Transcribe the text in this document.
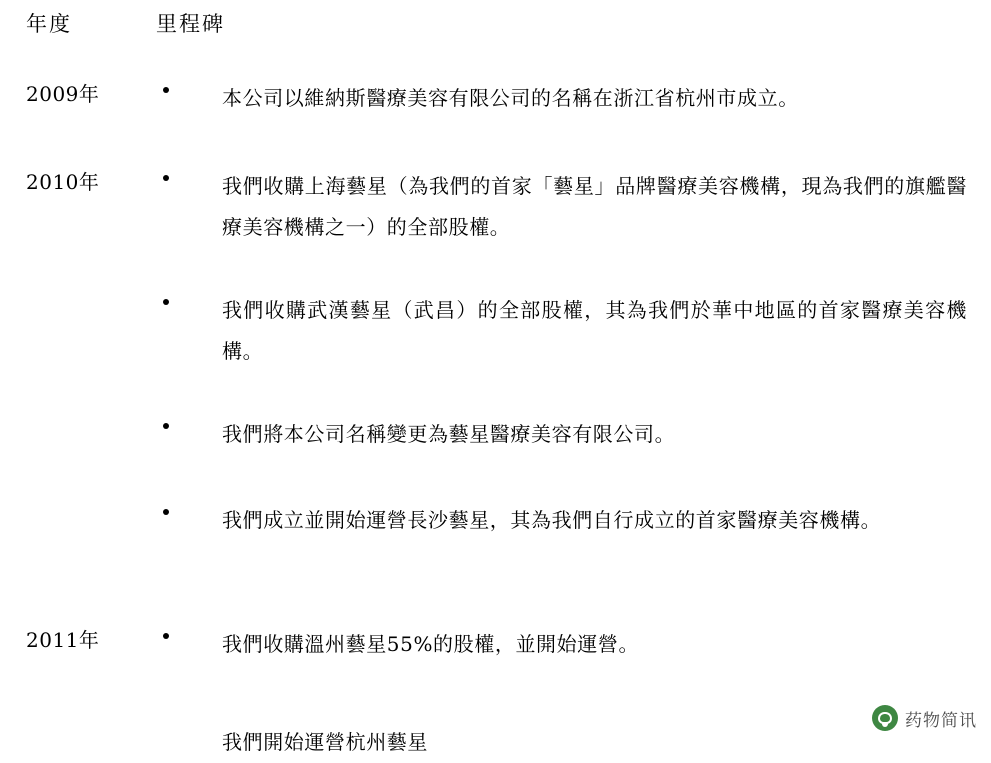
年度	里程碑
2009年	本公司以維納斯醫療美容有限公司的名稱在浙江省杭州市成立。
2010年	我們收購上海藝星（為我們的首家「藝星」品牌醫療美容機構，現為我們的旗艦醫療美容機構之一）的全部股權。
我們收購武漢藝星（武昌）的全部股權，其為我們於華中地區的首家醫療美容機構。
我們將本公司名稱變更為藝星醫療美容有限公司。
我們成立並開始運營長沙藝星，其為我們自行成立的首家醫療美容機構。
2011年	我們收購溫州藝星55%的股權，並開始運營。
我們開始運營杭州藝星
药物简讯
